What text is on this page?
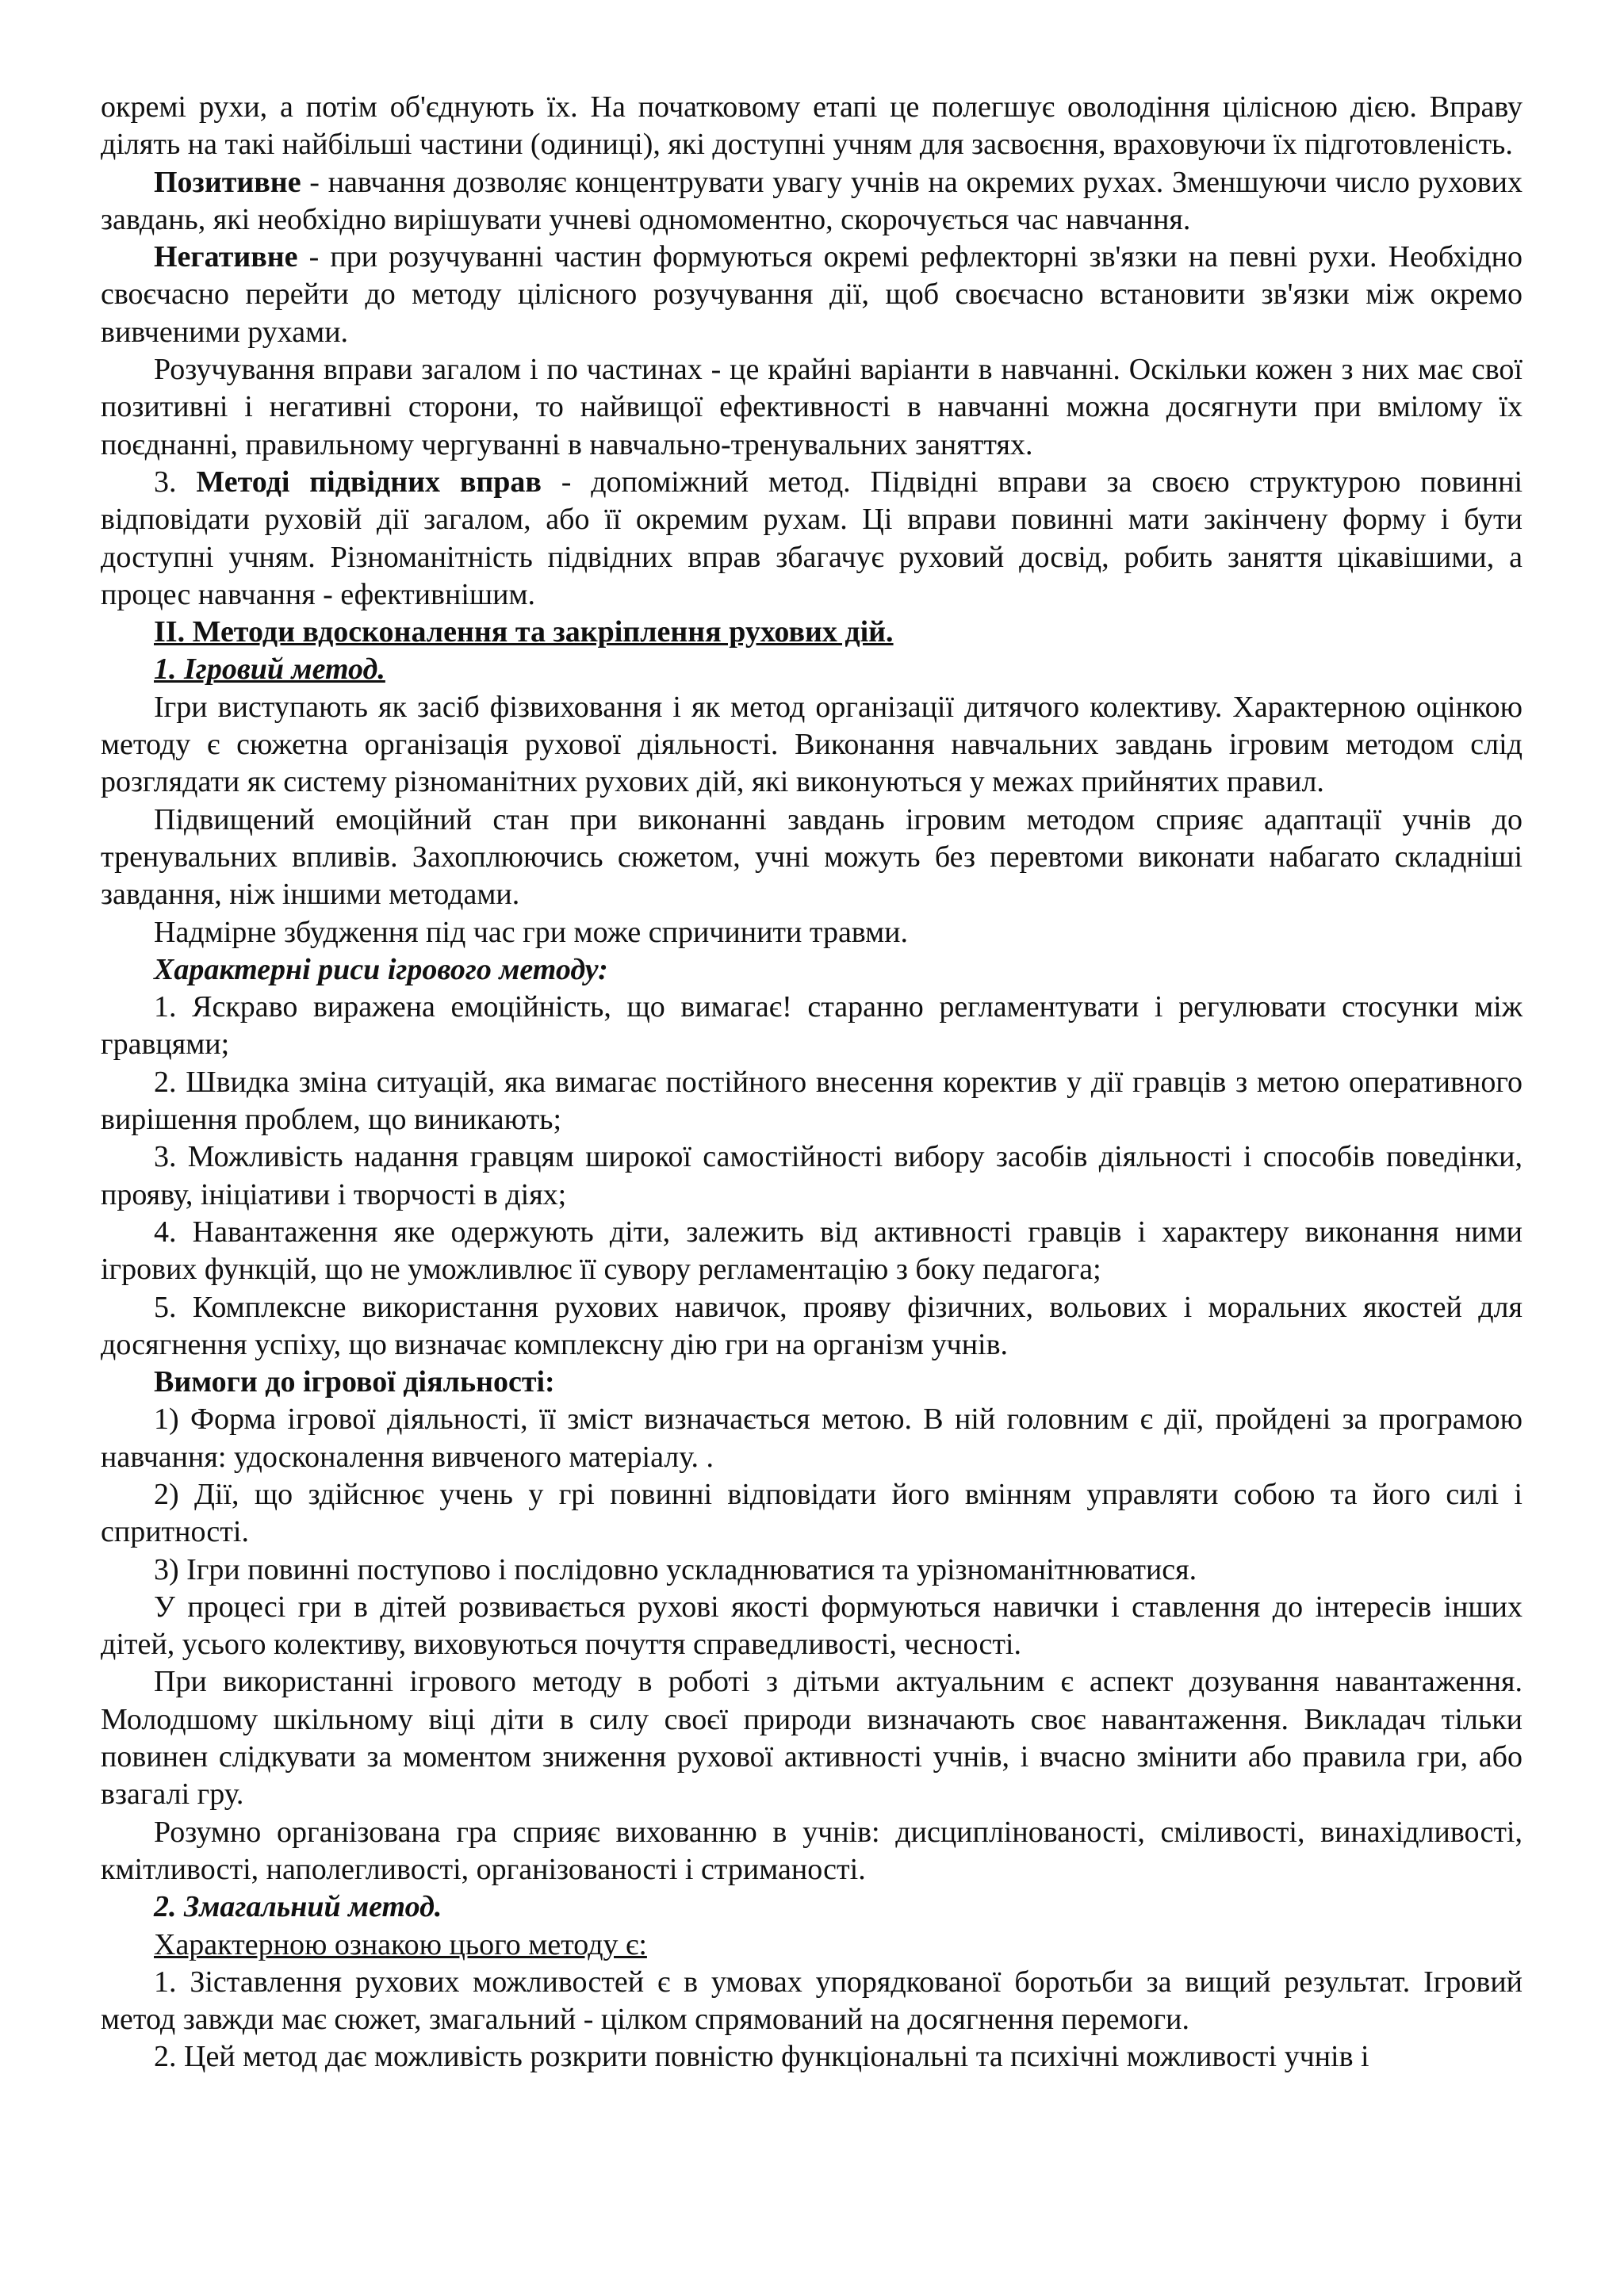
окремі рухи, а потім об'єднують їх. На початковому етапі це полегшує оволодіння цілісною дією. Вправу ділять на такі найбільші частини (одиниці), які доступні учням для засвоєння, враховуючи їх підготовленість.

Позитивне - навчання дозволяє концентрувати увагу учнів на окремих рухах. Зменшуючи число рухових завдань, які необхідно вирішувати учневі одномоментно, скорочується час навчання.

Негативне - при розучуванні частин формуються окремі рефлекторні зв'язки на певні рухи. Необхідно своєчасно перейти до методу цілісного розучування дії, щоб своєчасно встановити зв'язки між окремо вивченими рухами.

Розучування вправи загалом і по частинах - це крайні варіанти в навчанні. Оскільки кожен з них має свої позитивні і негативні сторони, то найвищої ефективності в навчанні можна досягнути при вмілому їх поєднанні, правильному чергуванні в навчально-тренувальних заняттях.

3. Методі підвідних вправ - допоміжний метод. Підвідні вправи за своєю структурою повинні відповідати руховій дії загалом, або її окремим рухам. Ці вправи повинні мати закінчену форму і бути доступні учням. Різноманітність підвідних вправ збагачує руховий досвід, робить заняття цікавішими, а процес навчання - ефективнішим.

ІІ. Методи вдосконалення та закріплення рухових дій.

1. Ігровий метод.

Ігри виступають як засіб фізвиховання і як метод організації дитячого колективу. Характерною оцінкою методу є сюжетна організація рухової діяльності. Виконання навчальних завдань ігровим методом слід розглядати як систему різноманітних рухових дій, які виконуються у межах прийнятих правил.

Підвищений емоційний стан при виконанні завдань ігровим методом сприяє адаптації учнів до тренувальних впливів. Захоплюючись сюжетом, учні можуть без перевтоми виконати набагато складніші завдання, ніж іншими методами.

Надмірне збудження під час гри може спричинити травми.

Характерні риси ігрового методу:

1. Яскраво виражена емоційність, що вимагає! старанно регламентувати і регулювати стосунки між гравцями;

2. Швидка зміна ситуацій, яка вимагає постійного внесення коректив у дії гравців з метою оперативного вирішення проблем, що виникають;

3. Можливість надання гравцям широкої самостійності вибору засобів діяльності і способів поведінки, прояву, ініціативи і творчості в діях;

4. Навантаження яке одержують діти, залежить від активності гравців і характеру виконання ними ігрових функцій, що не уможливлює її сувору регламентацію з боку педагога;

5. Комплексне використання рухових навичок, прояву фізичних, вольових і моральних якостей для досягнення успіху, що визначає комплексну дію гри на організм учнів.

Вимоги до ігрової діяльності:

1) Форма ігрової діяльності, її зміст визначається метою. В ній головним є дії, пройдені за програмою навчання: удосконалення вивченого матеріалу. .

2) Дії, що здійснює учень у грі повинні відповідати його вмінням управляти собою та його силі і спритності.

3) Ігри повинні поступово і послідовно ускладнюватися та урізноманітнюватися.

У процесі гри в дітей розвивається рухові якості формуються навички і ставлення до інтересів інших дітей, усього колективу, виховуються почуття справедливості, чесності.

При використанні ігрового методу в роботі з дітьми актуальним є аспект дозування навантаження. Молодшому шкільному віці діти в силу своєї природи визначають своє навантаження. Викладач тільки повинен слідкувати за моментом зниження рухової активності учнів, і вчасно змінити або правила гри, або взагалі гру.

Розумно організована гра сприяє вихованню в учнів: дисциплінованості, сміливості, винахідливості, кмітливості, наполегливості, організованості і стриманості.

2. Змагальний метод.

Характерною ознакою цього методу є:

1. Зіставлення рухових можливостей є в умовах упорядкованої боротьби за вищий результат. Ігровий метод завжди має сюжет, змагальний - цілком спрямований на досягнення перемоги.

2. Цей метод дає можливість розкрити повністю функціональні та психічні можливості учнів і
